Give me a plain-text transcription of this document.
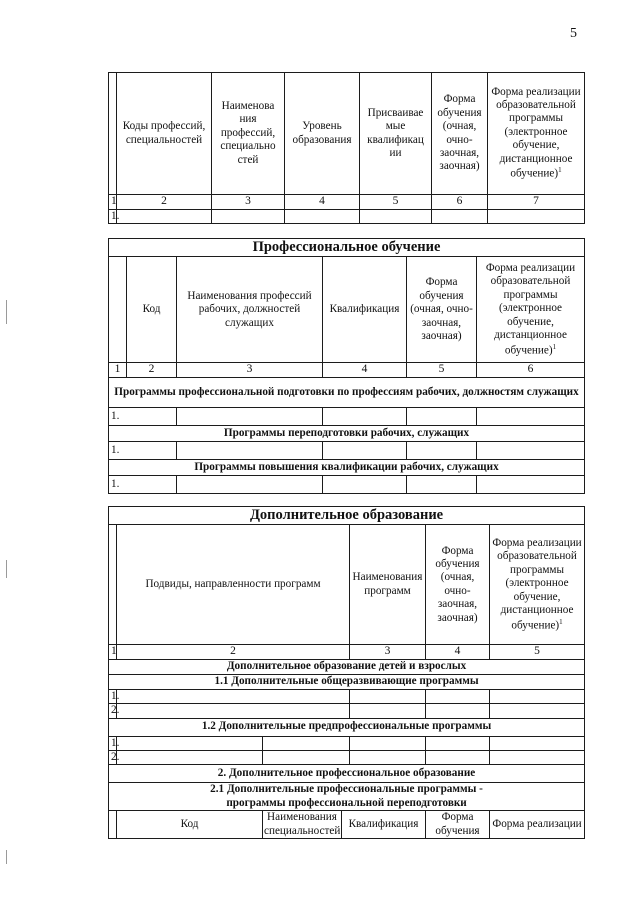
5
	Коды профессий, специальностей	Наименова ния профессий, специально стей	Уровень образования	Присваивае мые квалификац ии	Форма обучения (очная, очно-заочная, заочная)	Форма реализации образовательной программы (электронное обучение, дистанционное обучение)$^1$
1	2	3	4	5	6	7
1.						
Профессиональное обучение					
	Код	Наименования профессий рабочих, должностей служащих	Квалификация	Форма обучения (очная, очно-заочная, заочная)	Форма реализации образовательной программы (электронное обучение, дистанционное обучение)$^1$
1	2	3	4	5	6
Программы профессиональной подготовки по профессиям рабочих, должностям служащих					
1.					
Программы переподготовки рабочих, служащих					
1.					
Программы повышения квалификации рабочих, служащих					
1.					
Дополнительное образование						
	Подвиды, направленности программ			Наименования программ	Форма обучения (очная, очно-заочная, заочная)	Форма реализации образовательной программы (электронное обучение, дистанционное обучение)$^1$
1	2			3	4	5
Дополнительное образование детей и взрослых						
1.1 Дополнительные общеразвивающие программы						
1.						
2.						
1.2 Дополнительные предпрофессиональные программы						
1.						
2.						
2. Дополнительное профессиональное образование						

2.1 Дополнительные профессиональные программы -
программы профессиональной переподготовки						

	Код	Наименования специальностей	Квалификация		Форма обучения	Форма реализации
